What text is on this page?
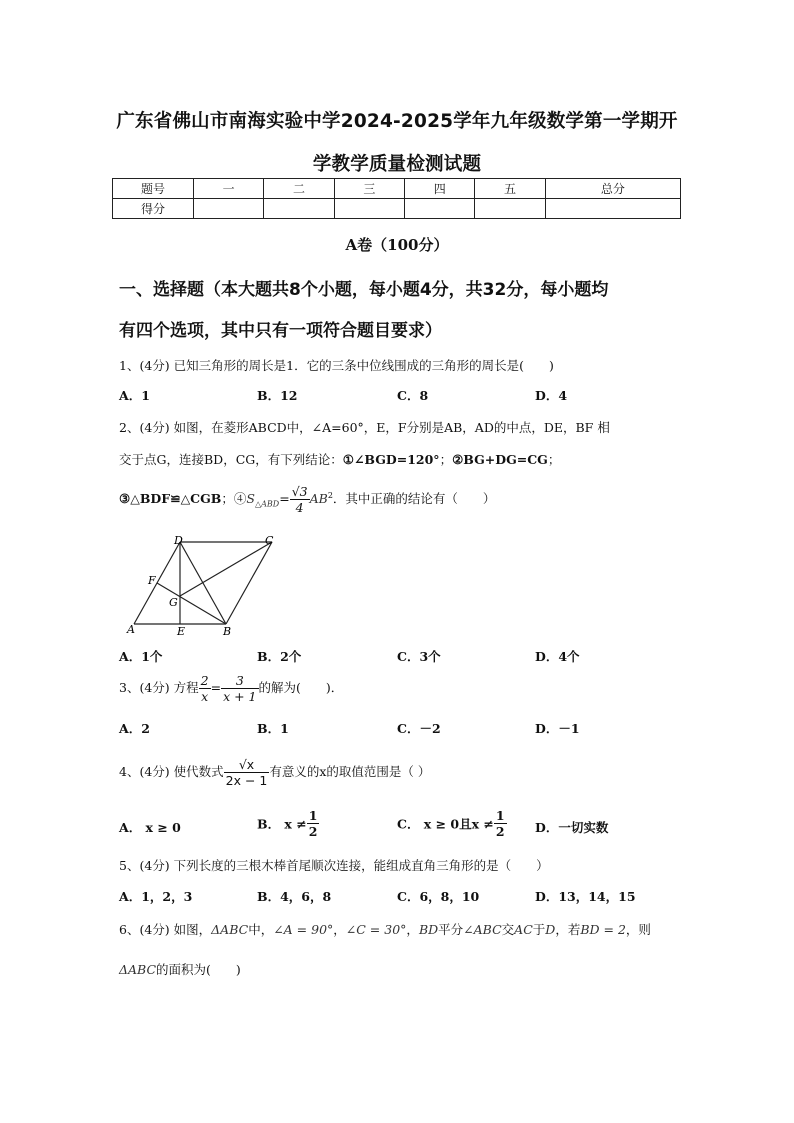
广东省佛山市南海实验中学2024-2025学年九年级数学第一学期开
学教学质量检测试题
题号	一	二	三	四	五	总分
得分						
A卷（100分）
一、选择题（本大题共8个小题，每小题4分，共32分，每小题均
有四个选项，其中只有一项符合题目要求）
1、(4分) 已知三角形的周长是1．它的三条中位线围成的三角形的周长是(　　)
A．1	B．12	C．8	D．4
2、(4分) 如图，在菱形ABCD中，∠A=60°，E，F分别是AB，AD的中点，DE，BF 相
交于点G，连接BD，CG，有下列结论：①∠BGD=120°；②BG+DG=CG；
③△BDF≌△CGB；$④S_{\triangle ABD}= \frac{√3}{4} AB^2$．其中正确的结论有（　　）
D	C
F
G
A	E	B
A．1个	B．2个	C．3个	D．4个
3、(4分) 方程 $\frac{2}{x} = \frac{3}{x + 1}$ 的解为(　　)．
A．2	B．1	C．－2	D．－1
4、(4分) 使代数式 $\frac{√x}{2x - 1}$ 有意义的x的取值范围是（ ）
A． x ≥ 0	B． $x \ne \frac{1}{2}$	C． x ≥ 0且$x \ne \frac{1}{2}$ D．一切实数
5、(4分) 下列长度的三根木棒首尾顺次连接，能组成直角三角形的是（　　）
A．1，2，3	B．4，6，8	C．6，8，10	D．13，14，15
6、(4分) 如图，ΔABC中，∠A = 90°，∠C = 30°，BD平分∠ABC交AC于D，若BD = 2，则
ΔABC的面积为(　　)
